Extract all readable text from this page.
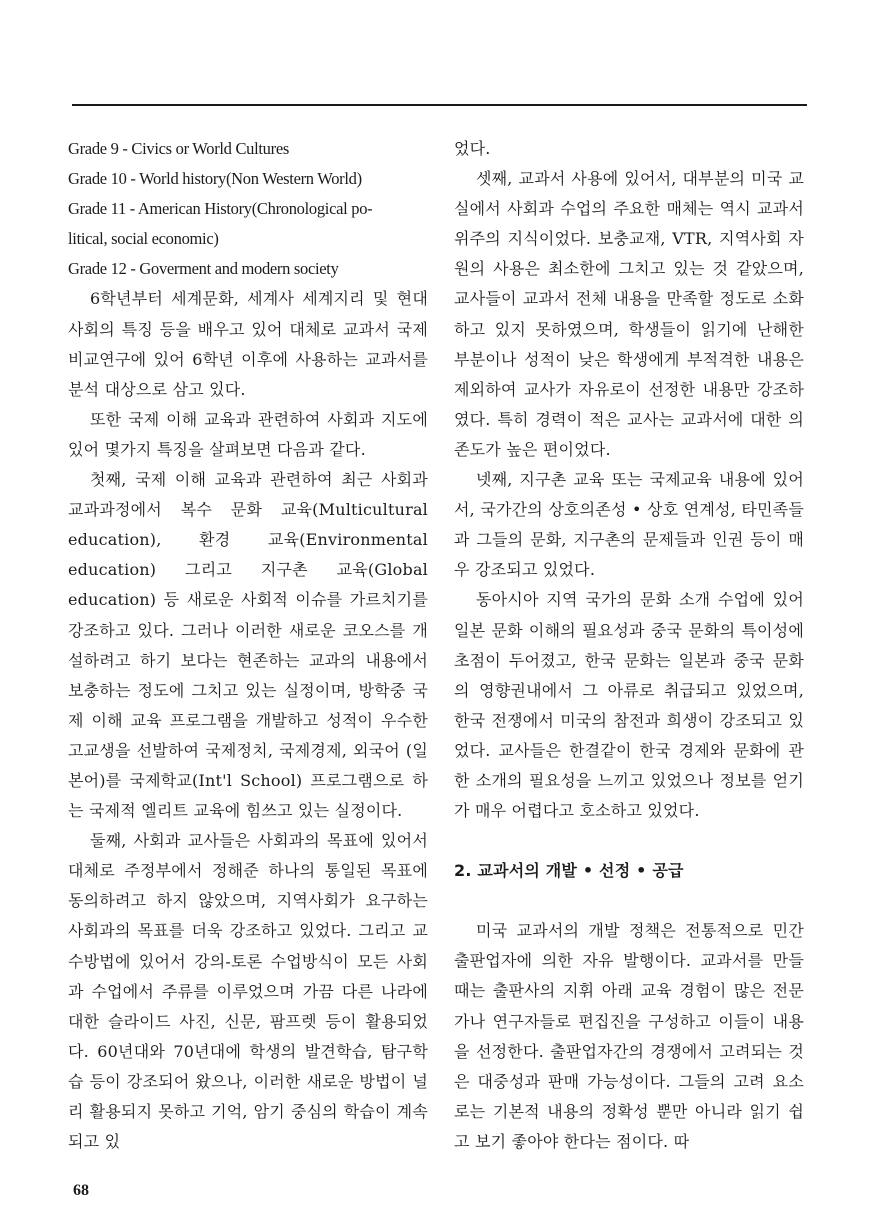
Grade 9 - Civics or World Cultures

Grade 10 - World history(Non Western World)

Grade 11 - American History(Chronological po-

litical, social economic)

Grade 12 - Goverment and modern society

6학년부터 세계문화, 세계사 세계지리 및 현대 사회의 특징 등을 배우고 있어 대체로 교과서 국제 비교연구에 있어 6학년 이후에 사용하는 교과서를 분석 대상으로 삼고 있다.

또한 국제 이해 교육과 관련하여 사회과 지도에 있어 몇가지 특징을 살펴보면 다음과 같다.

첫째, 국제 이해 교육과 관련하여 최근 사회과 교과과정에서 복수 문화 교육(Multicultural education), 환경 교육(Environmental education) 그리고 지구촌 교육(Global education) 등 새로운 사회적 이슈를 가르치기를 강조하고 있다. 그러나 이러한 새로운 코오스를 개설하려고 하기 보다는 현존하는 교과의 내용에서 보충하는 정도에 그치고 있는 실정이며, 방학중 국제 이해 교육 프로그램을 개발하고 성적이 우수한 고교생을 선발하여 국제정치, 국제경제, 외국어 (일본어)를 국제학교(Int'l School) 프로그램으로 하는 국제적 엘리트 교육에 힘쓰고 있는 실정이다.

둘째, 사회과 교사들은 사회과의 목표에 있어서 대체로 주정부에서 정해준 하나의 통일된 목표에 동의하려고 하지 않았으며, 지역사회가 요구하는 사회과의 목표를 더욱 강조하고 있었다. 그리고 교수방법에 있어서 강의-토론 수업방식이 모든 사회과 수업에서 주류를 이루었으며 가끔 다른 나라에 대한 슬라이드 사진, 신문, 팜프렛 등이 활용되었다. 60년대와 70년대에 학생의 발견학습, 탐구학습 등이 강조되어 왔으나, 이러한 새로운 방법이 널리 활용되지 못하고 기억, 암기 중심의 학습이 계속되고 있

었다.

셋째, 교과서 사용에 있어서, 대부분의 미국 교실에서 사회과 수업의 주요한 매체는 역시 교과서 위주의 지식이었다. 보충교재, VTR, 지역사회 자원의 사용은 최소한에 그치고 있는 것 같았으며, 교사들이 교과서 전체 내용을 만족할 정도로 소화하고 있지 못하였으며, 학생들이 읽기에 난해한 부분이나 성적이 낮은 학생에게 부적격한 내용은 제외하여 교사가 자유로이 선정한 내용만 강조하였다. 특히 경력이 적은 교사는 교과서에 대한 의존도가 높은 편이었다.

넷째, 지구촌 교육 또는 국제교육 내용에 있어서, 국가간의 상호의존성 • 상호 연계성, 타민족들과 그들의 문화, 지구촌의 문제들과 인권 등이 매우 강조되고 있었다.

동아시아 지역 국가의 문화 소개 수업에 있어 일본 문화 이해의 필요성과 중국 문화의 특이성에 초점이 두어졌고, 한국 문화는 일본과 중국 문화의 영향권내에서 그 아류로 취급되고 있었으며, 한국 전쟁에서 미국의 참전과 희생이 강조되고 있었다. 교사들은 한결같이 한국 경제와 문화에 관한 소개의 필요성을 느끼고 있었으나 정보를 얻기가 매우 어렵다고 호소하고 있었다.

2. 교과서의 개발 • 선정 • 공급

미국 교과서의 개발 정책은 전통적으로 민간 출판업자에 의한 자유 발행이다. 교과서를 만들 때는 출판사의 지휘 아래 교육 경험이 많은 전문가나 연구자들로 편집진을 구성하고 이들이 내용을 선정한다. 출판업자간의 경쟁에서 고려되는 것은 대중성과 판매 가능성이다. 그들의 고려 요소로는 기본적 내용의 정확성 뿐만 아니라 읽기 쉽고 보기 좋아야 한다는 점이다. 따

68
